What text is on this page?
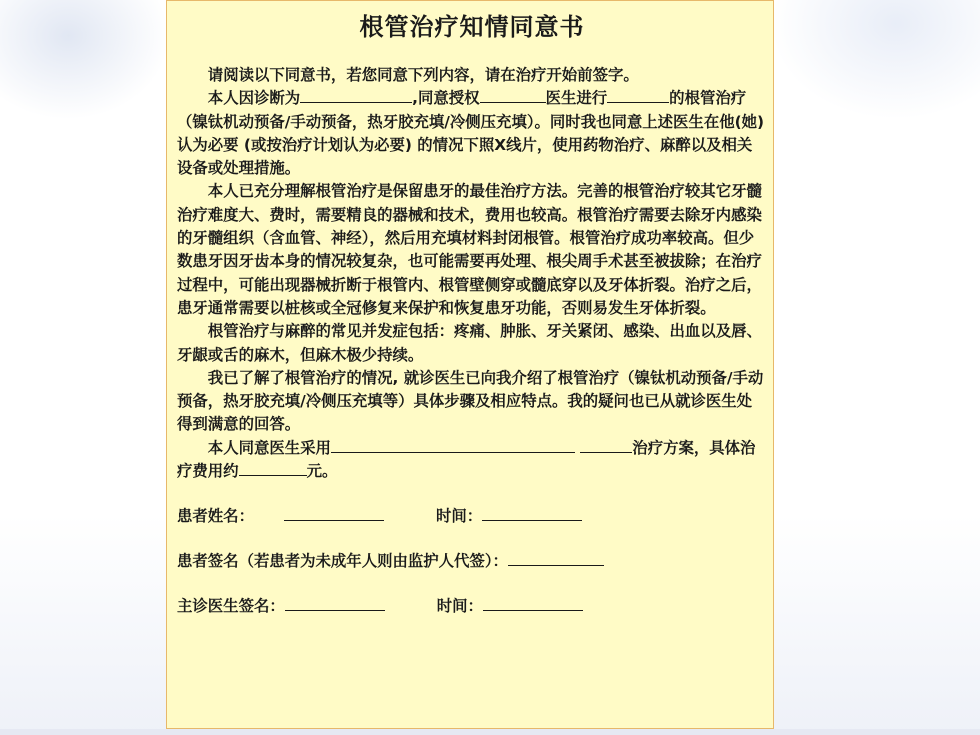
根管治疗知情同意书

请阅读以下同意书，若您同意下列内容，请在治疗开始前签字。

本人因诊断为	,同意授权	医生进行	的根管治疗（镍钛机动预备/手动预备，热牙胶充填/冷侧压充填）。同时我也同意上述医生在他(她)认为必要 (或按治疗计划认为必要) 的情况下照X线片，使用药物治疗、麻醉以及相关设备或处理措施。

本人已充分理解根管治疗是保留患牙的最佳治疗方法。完善的根管治疗较其它牙髓治疗难度大、费时，需要精良的器械和技术，费用也较高。根管治疗需要去除牙内感染的牙髓组织（含血管、神经），然后用充填材料封闭根管。根管治疗成功率较高。但少数患牙因牙齿本身的情况较复杂，也可能需要再处理、根尖周手术甚至被拔除；在治疗过程中，可能出现器械折断于根管内、根管壁侧穿或髓底穿以及牙体折裂。治疗之后，患牙通常需要以桩核或全冠修复来保护和恢复患牙功能，否则易发生牙体折裂。

根管治疗与麻醉的常见并发症包括：疼痛、肿胀、牙关紧闭、感染、出血以及唇、牙龈或舌的麻木，但麻木极少持续。

我已了解了根管治疗的情况, 就诊医生已向我介绍了根管治疗（镍钛机动预备/手动预备，热牙胶充填/冷侧压充填等）具体步骤及相应特点。我的疑问也已从就诊医生处得到满意的回答。

本人同意医生采用	治疗方案，具体治疗费用约	元。

患者姓名：	时间：

患者签名（若患者为未成年人则由监护人代签）：

主诊医生签名：	时间：
